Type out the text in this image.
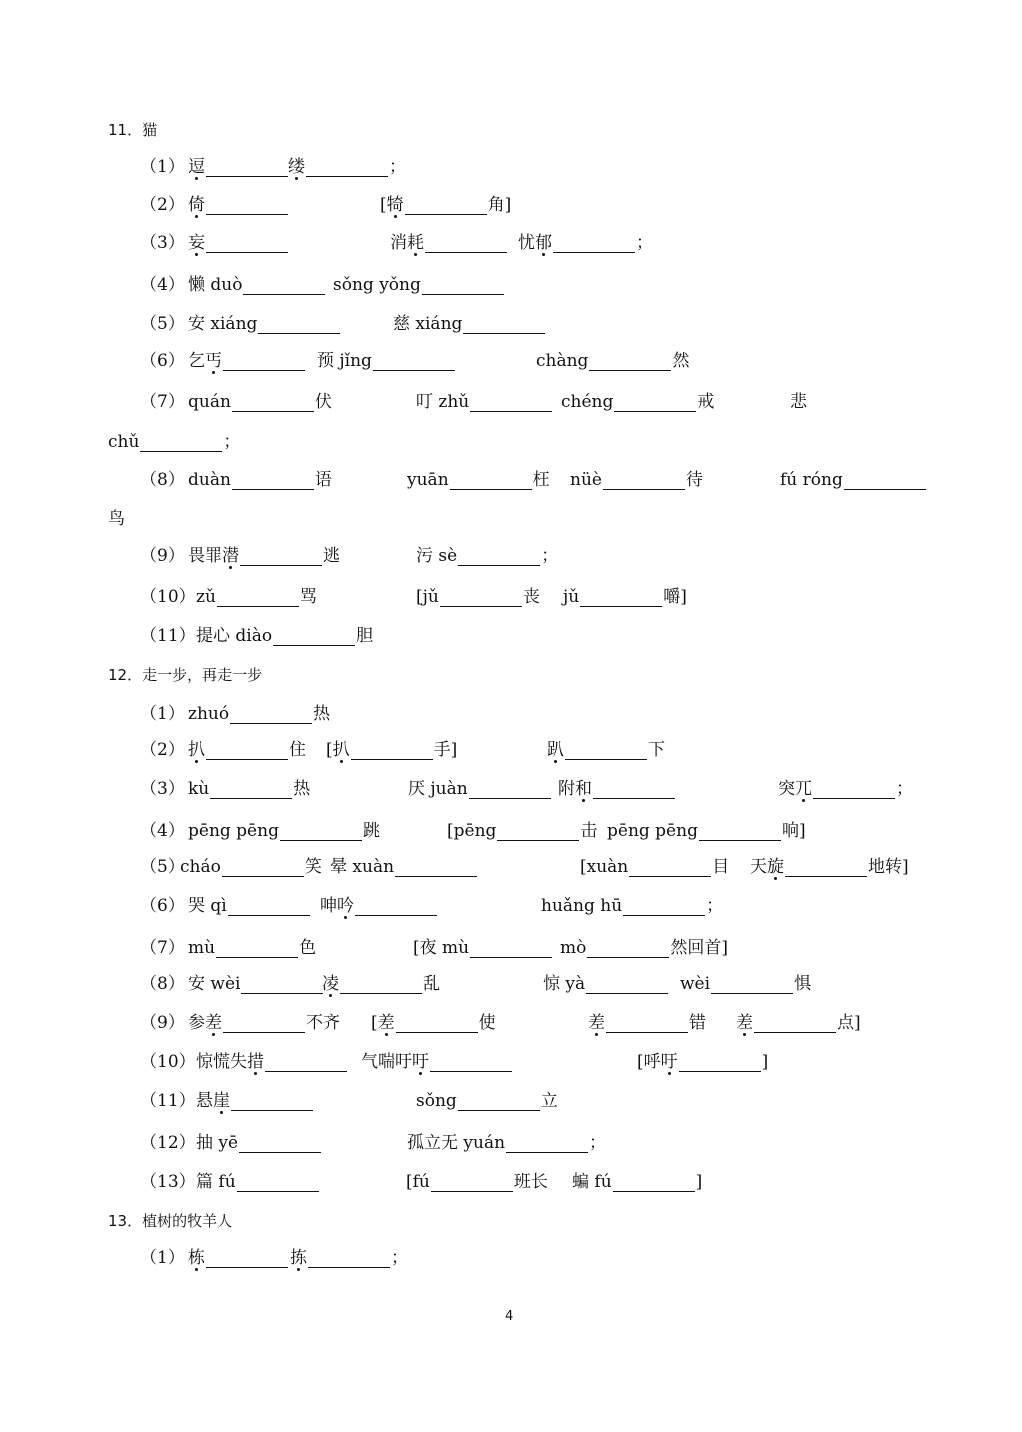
11．猫
（1） 逗	缕	；
（2） 倚	[犄	角]
（3） 妄	消耗	忧郁	；
（4） 懒 duò	sǒng yǒng
（5） 安 xiáng	慈 xiáng
（6） 乞丐	预 jǐng	chàng	然
（7） quán	伏	叮 zhǔ	chéng	戒	悲
chǔ	；
（8） duàn	语	yuān	枉 nüè	待	fú róng
鸟
（9） 畏罪潜	逃	污 sè	；
（10） zǔ	骂	[jǔ	丧 jǔ	嚼]
（11） 提心 diào	胆
12．走一步，再走一步
（1） zhuó	热
（2） 扒	住 [扒	手]	趴	下
（3） kù	热	厌 juàn	附和	突兀	；
（4） pēng pēng	跳	[pēng	击 pēng pēng	响]
（5）
cháo	笑 晕 xuàn	[xuàn	目 天旋	地转]
（6） 哭 qì	呻吟	huǎng hū	；
（7） mù	色	[夜 mù	mò	然回首]
（8） 安 wèi	凌	乱	惊 yà	wèi	惧
（9） 参差	不齐 [差	使	差	错 差	点]
（10） 惊慌失措	气喘吁吁	[呼吁	]
（11） 悬崖	sǒng	立
（12） 抽 yē	孤立无 yuán	；
（13） 篇 fú	[fú	班长 蝙 fú	]
13．植树的牧羊人
（1） 栋	拣	；
4
